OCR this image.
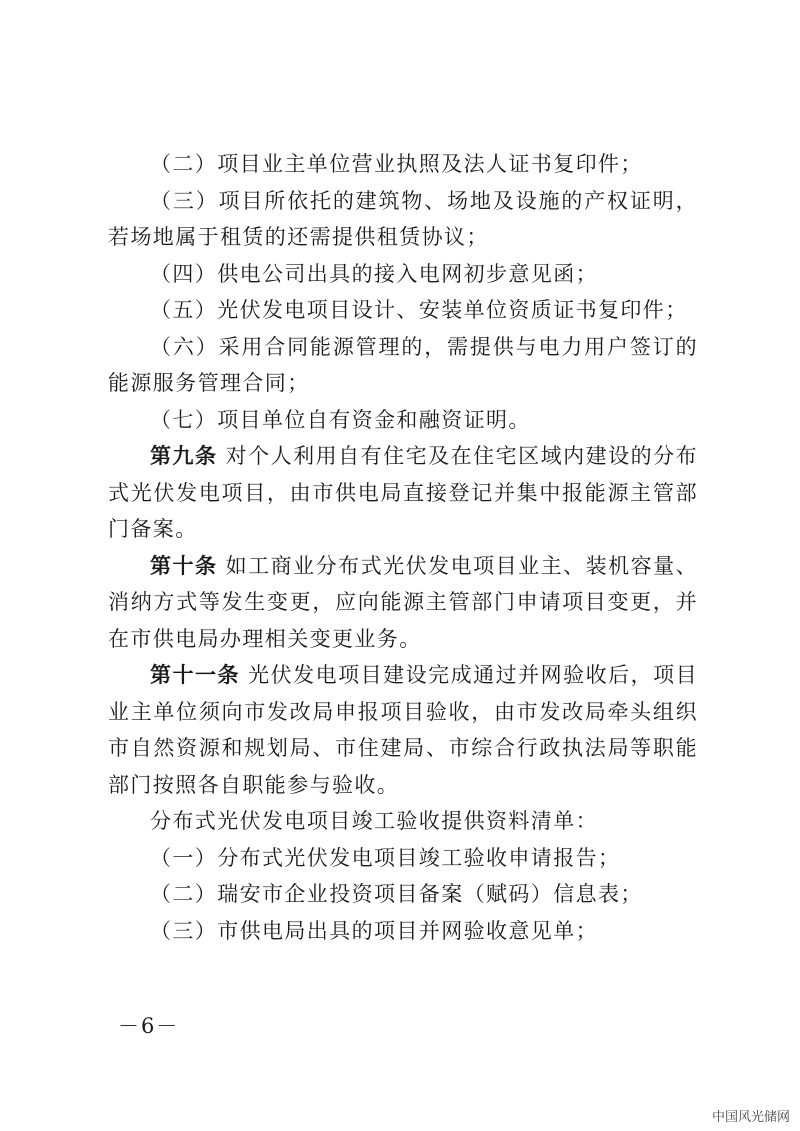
（二）项目业主单位营业执照及法人证书复印件；

（三）项目所依托的建筑物、场地及设施的产权证明，若场地属于租赁的还需提供租赁协议；

（四）供电公司出具的接入电网初步意见函；

（五）光伏发电项目设计、安装单位资质证书复印件；

（六）采用合同能源管理的，需提供与电力用户签订的能源服务管理合同；

（七）项目单位自有资金和融资证明。

第九条 对个人利用自有住宅及在住宅区域内建设的分布式光伏发电项目，由市供电局直接登记并集中报能源主管部门备案。

第十条 如工商业分布式光伏发电项目业主、装机容量、消纳方式等发生变更，应向能源主管部门申请项目变更，并在市供电局办理相关变更业务。

第十一条 光伏发电项目建设完成通过并网验收后，项目业主单位须向市发改局申报项目验收，由市发改局牵头组织市自然资源和规划局、市住建局、市综合行政执法局等职能部门按照各自职能参与验收。

分布式光伏发电项目竣工验收提供资料清单：

（一）分布式光伏发电项目竣工验收申请报告；

（二）瑞安市企业投资项目备案（赋码）信息表；

（三）市供电局出具的项目并网验收意见单；

－6－
中国风光储网
